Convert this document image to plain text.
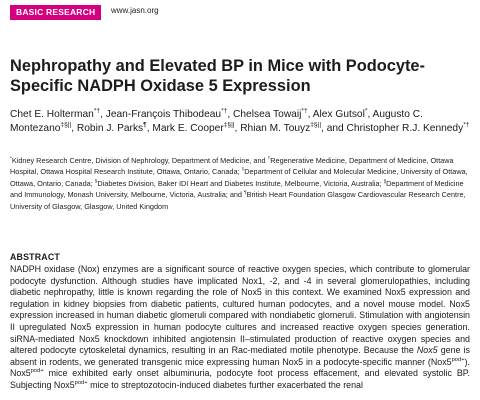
BASIC RESEARCH	www.jasn.org
Nephropathy and Elevated BP in Mice with Podocyte-Specific NADPH Oxidase 5 Expression
Chet E. Holterman*†, Jean-François Thibodeau*†, Chelsea Towaij*†, Alex Gutsol*, Augusto C. Montezano‡§||, Robin J. Parks¶, Mark E. Cooper‡§||, Rhian M. Touyz‡§||, and Christopher R.J. Kennedy*†
*Kidney Research Centre, Division of Nephrology, Department of Medicine, and †Regenerative Medicine, Department of Medicine, Ottawa Hospital, Ottawa Hospital Research Institute, Ottawa, Ontario, Canada; ‡Department of Cellular and Molecular Medicine, University of Ottawa, Ottawa, Ontario, Canada; §Diabetes Division, Baker IDI Heart and Diabetes Institute, Melbourne, Victoria, Australia; ||Department of Medicine and Immunology, Monash University, Melbourne, Victoria, Australia; and ¶British Heart Foundation Glasgow Cardiovascular Research Centre, University of Glasgow, Glasgow, United Kingdom
ABSTRACT

NADPH oxidase (Nox) enzymes are a significant source of reactive oxygen species, which contribute to glomerular podocyte dysfunction. Although studies have implicated Nox1, -2, and -4 in several glomerulopathies, including diabetic nephropathy, little is known regarding the role of Nox5 in this context. We examined Nox5 expression and regulation in kidney biopsies from diabetic patients, cultured human podocytes, and a novel mouse model. Nox5 expression increased in human diabetic glomeruli compared with nondiabetic glomeruli. Stimulation with angiotensin II upregulated Nox5 expression in human podocyte cultures and increased reactive oxygen species generation. siRNA-mediated Nox5 knockdown inhibited angiotensin II–stimulated production of reactive oxygen species and altered podocyte cytoskeletal dynamics, resulting in an Rac-mediated motile phenotype. Because the Nox5 gene is absent in rodents, we generated transgenic mice expressing human Nox5 in a podocyte-specific manner $(Nox5^{pod+})$. $Nox5^{pod+}$ mice exhibited early onset albuminuria, podocyte foot process effacement, and elevated systolic BP. Subjecting $Nox5^{pod+}$ mice to streptozotocin-induced diabetes further exacerbated the renal
